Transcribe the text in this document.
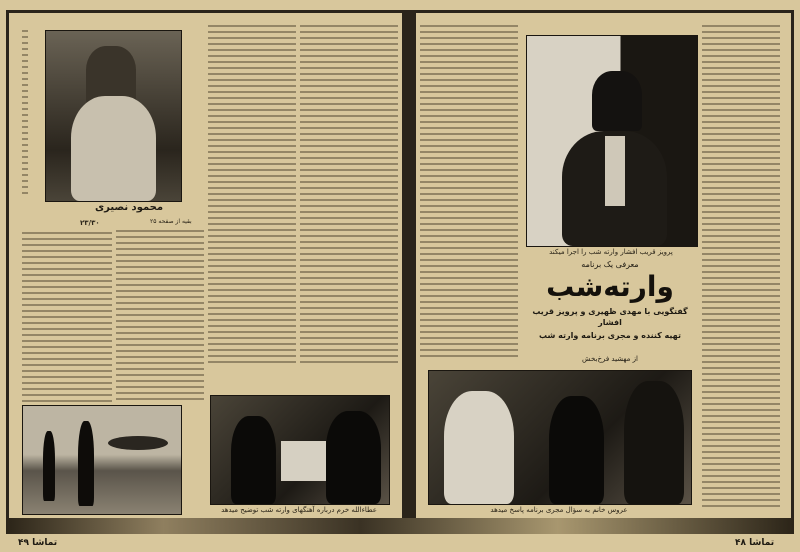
محمود نصیری
بقیه از صفحه ۲۵
۲۳/۳۰
عطاءالله خرم درباره آهنگهای وارته شب توضیح میدهد
تماشا ۴۹
پرویز قریب افشار وارته شب را اجرا میکند
معرفی یک برنامه
وارته‌شب
گفتگویی با مهدی ظهیری و پرویز قریب افشار
تهیه کننده و مجری برنامه وارته شب
از مهشید فرخ‌بخش
عروس خانم به سؤال مجری برنامه پاسخ میدهد
تماشا ۴۸
